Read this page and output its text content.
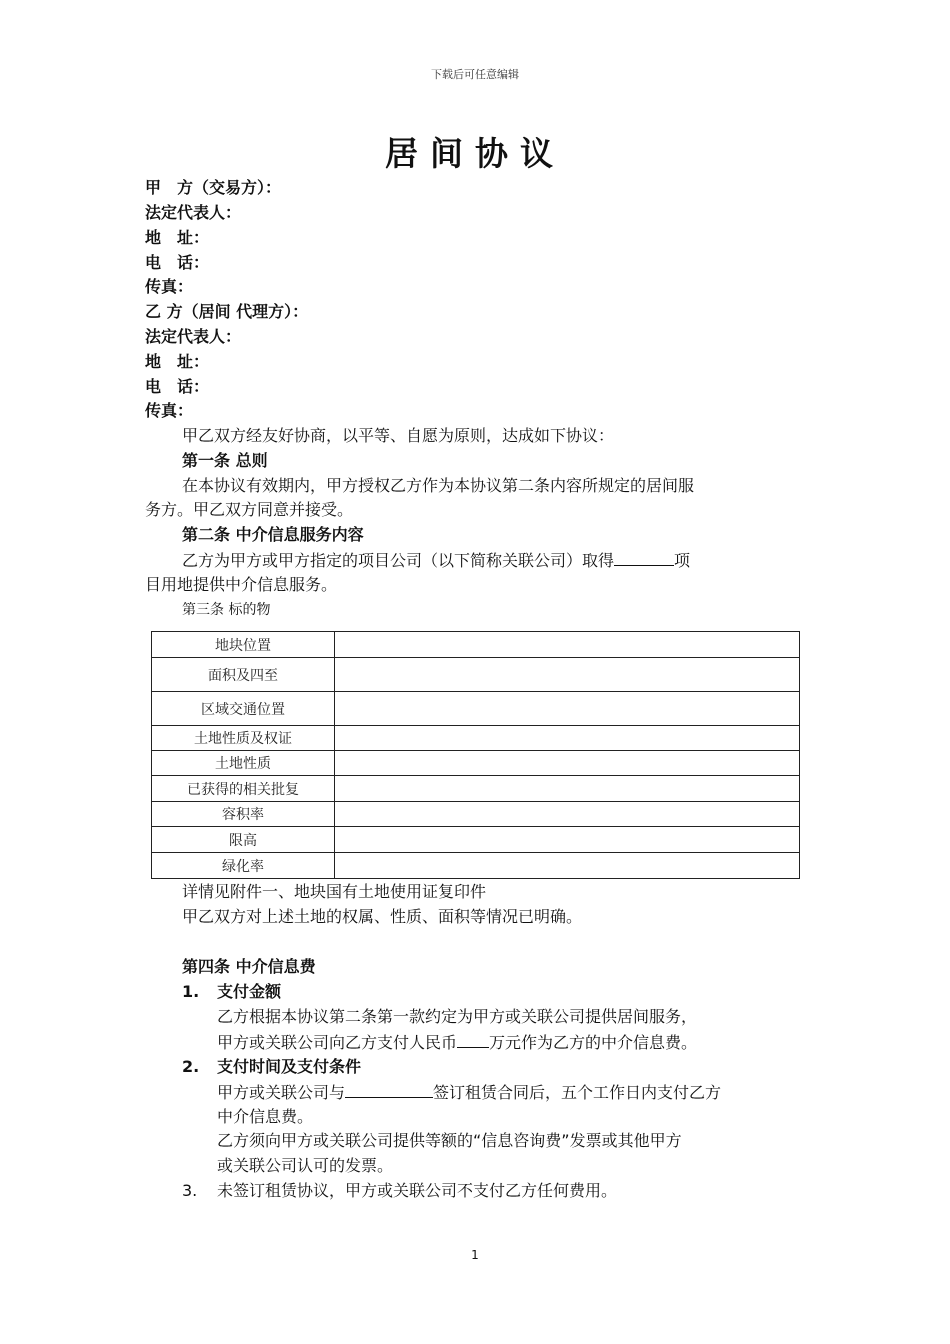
下载后可任意编辑
居间协议
甲　方（交易方）：
法定代表人：
地　址：
电　话：
传真：
乙 方（居间 代理方）：
法定代表人：
地　址：
电　话：
传真：
甲乙双方经友好协商，以平等、自愿为原则，达成如下协议：
第一条 总则
在本协议有效期内，甲方授权乙方作为本协议第二条内容所规定的居间服
务方。甲乙双方同意并接受。
第二条 中介信息服务内容
乙方为甲方或甲方指定的项目公司（以下简称关联公司）取得	项
目用地提供中介信息服务。
第三条 标的物
地块位置	
面积及四至	
区域交通位置	
土地性质及权证	
土地性质	
已获得的相关批复	
容积率	
限高	
绿化率	
详情见附件一、地块国有土地使用证复印件
甲乙双方对上述土地的权属、性质、面积等情况已明确。
第四条 中介信息费
1. 支付金额
乙方根据本协议第二条第一款约定为甲方或关联公司提供居间服务，
甲方或关联公司向乙方支付人民币 万元作为乙方的中介信息费。
2. 支付时间及支付条件
甲方或关联公司与	签订租赁合同后，五个工作日内支付乙方
中介信息费。
乙方须向甲方或关联公司提供等额的“信息咨询费”发票或其他甲方
或关联公司认可的发票。
3. 未签订租赁协议，甲方或关联公司不支付乙方任何费用。
1
